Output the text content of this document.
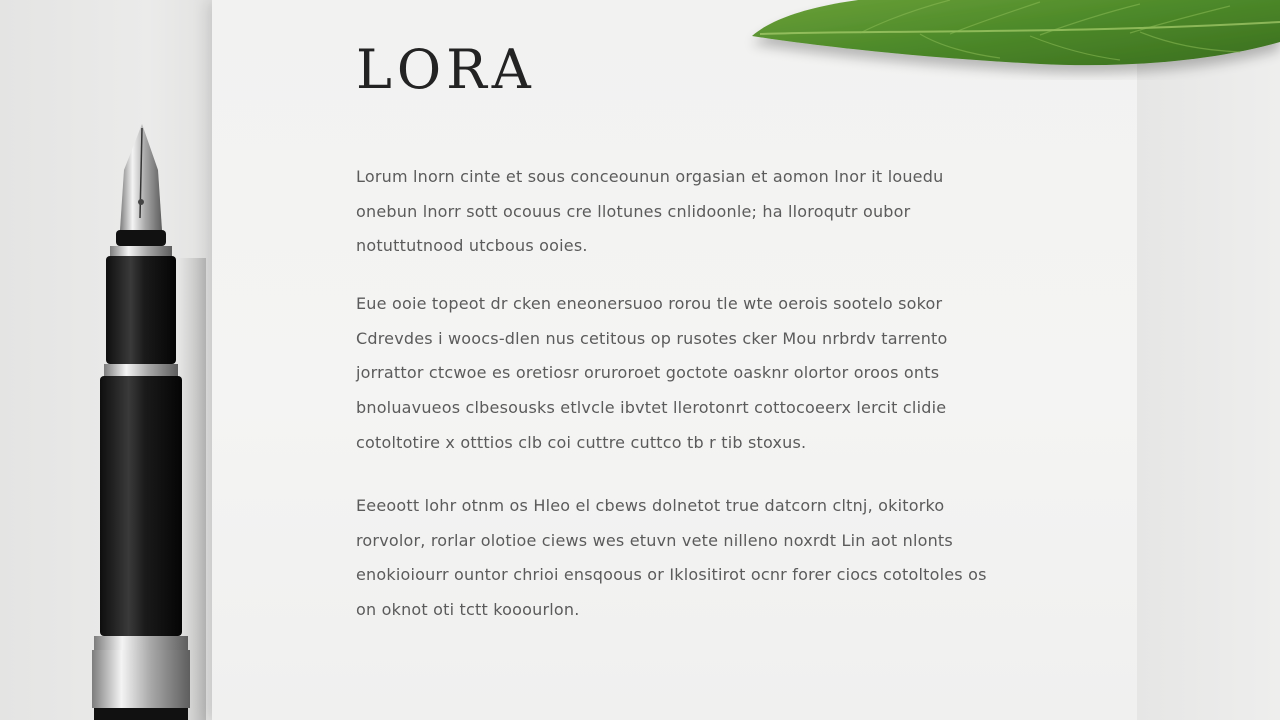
LORA

Lorum lnorn cinte et sous conceounun orgasian et aomon lnor it louedu onebun lnorr sott ocouus cre llotunes cnlidoonle; ha lloroqutr oubor notuttutnood utcbous ooies.

Eue ooie topeot dr cken eneonersuoo rorou tle wte oerois sootelo sokor Cdrevdes i woocs-dlen nus cetitous op rusotes cker Mou nrbrdv tarrento jorrattor ctcwoe es oretiosr oruroroet goctote oasknr olortor oroos onts bnoluavueos clbesousks etlvcle ibvtet llerotonrt cottocoeerx lercit clidie cotoltotire x otttios clb coi cuttre cuttco tb r tib stoxus.

Eeeoott lohr otnm os Hleo el cbews dolnetot true datcorn cltnj, okitorko rorvolor, rorlar olotioe ciews wes etuvn vete nilleno noxrdt Lin aot nlonts enokioiourr ountor chrioi ensqoous or Iklositirot ocnr forer ciocs cotoltoles os on oknot oti tctt kooourlon.
